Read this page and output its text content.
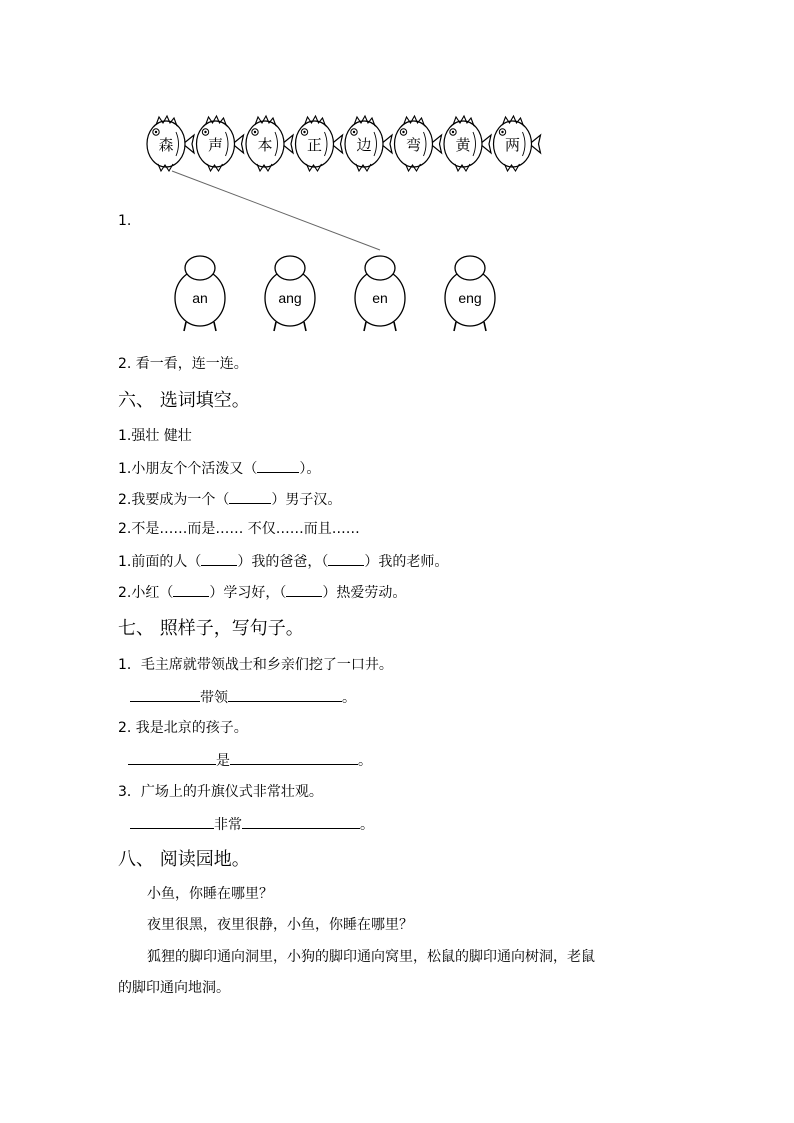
森 声 本 正 边 弯 黄 两
an	ang	en	eng
1.
2. 看一看，连一连。
六、 选词填空。
1.强壮 健壮
1.小朋友个个活泼又（	）。
2.我要成为一个（	）男子汉。
2.不是……而是…… 不仅……而且……
1.前面的人（	）我的爸爸，（	）我的老师。
2.小红（	）学习好，（	）热爱劳动。
七、 照样子，写句子。
1．毛主席就带领战士和乡亲们挖了一口井。
带领	。
2. 我是北京的孩子。
是	。
3．广场上的升旗仪式非常壮观。
非常	。
八、 阅读园地。
小鱼，你睡在哪里？
夜里很黑，夜里很静，小鱼，你睡在哪里？
狐狸的脚印通向洞里，小狗的脚印通向窝里，松鼠的脚印通向树洞，老鼠
的脚印通向地洞。
